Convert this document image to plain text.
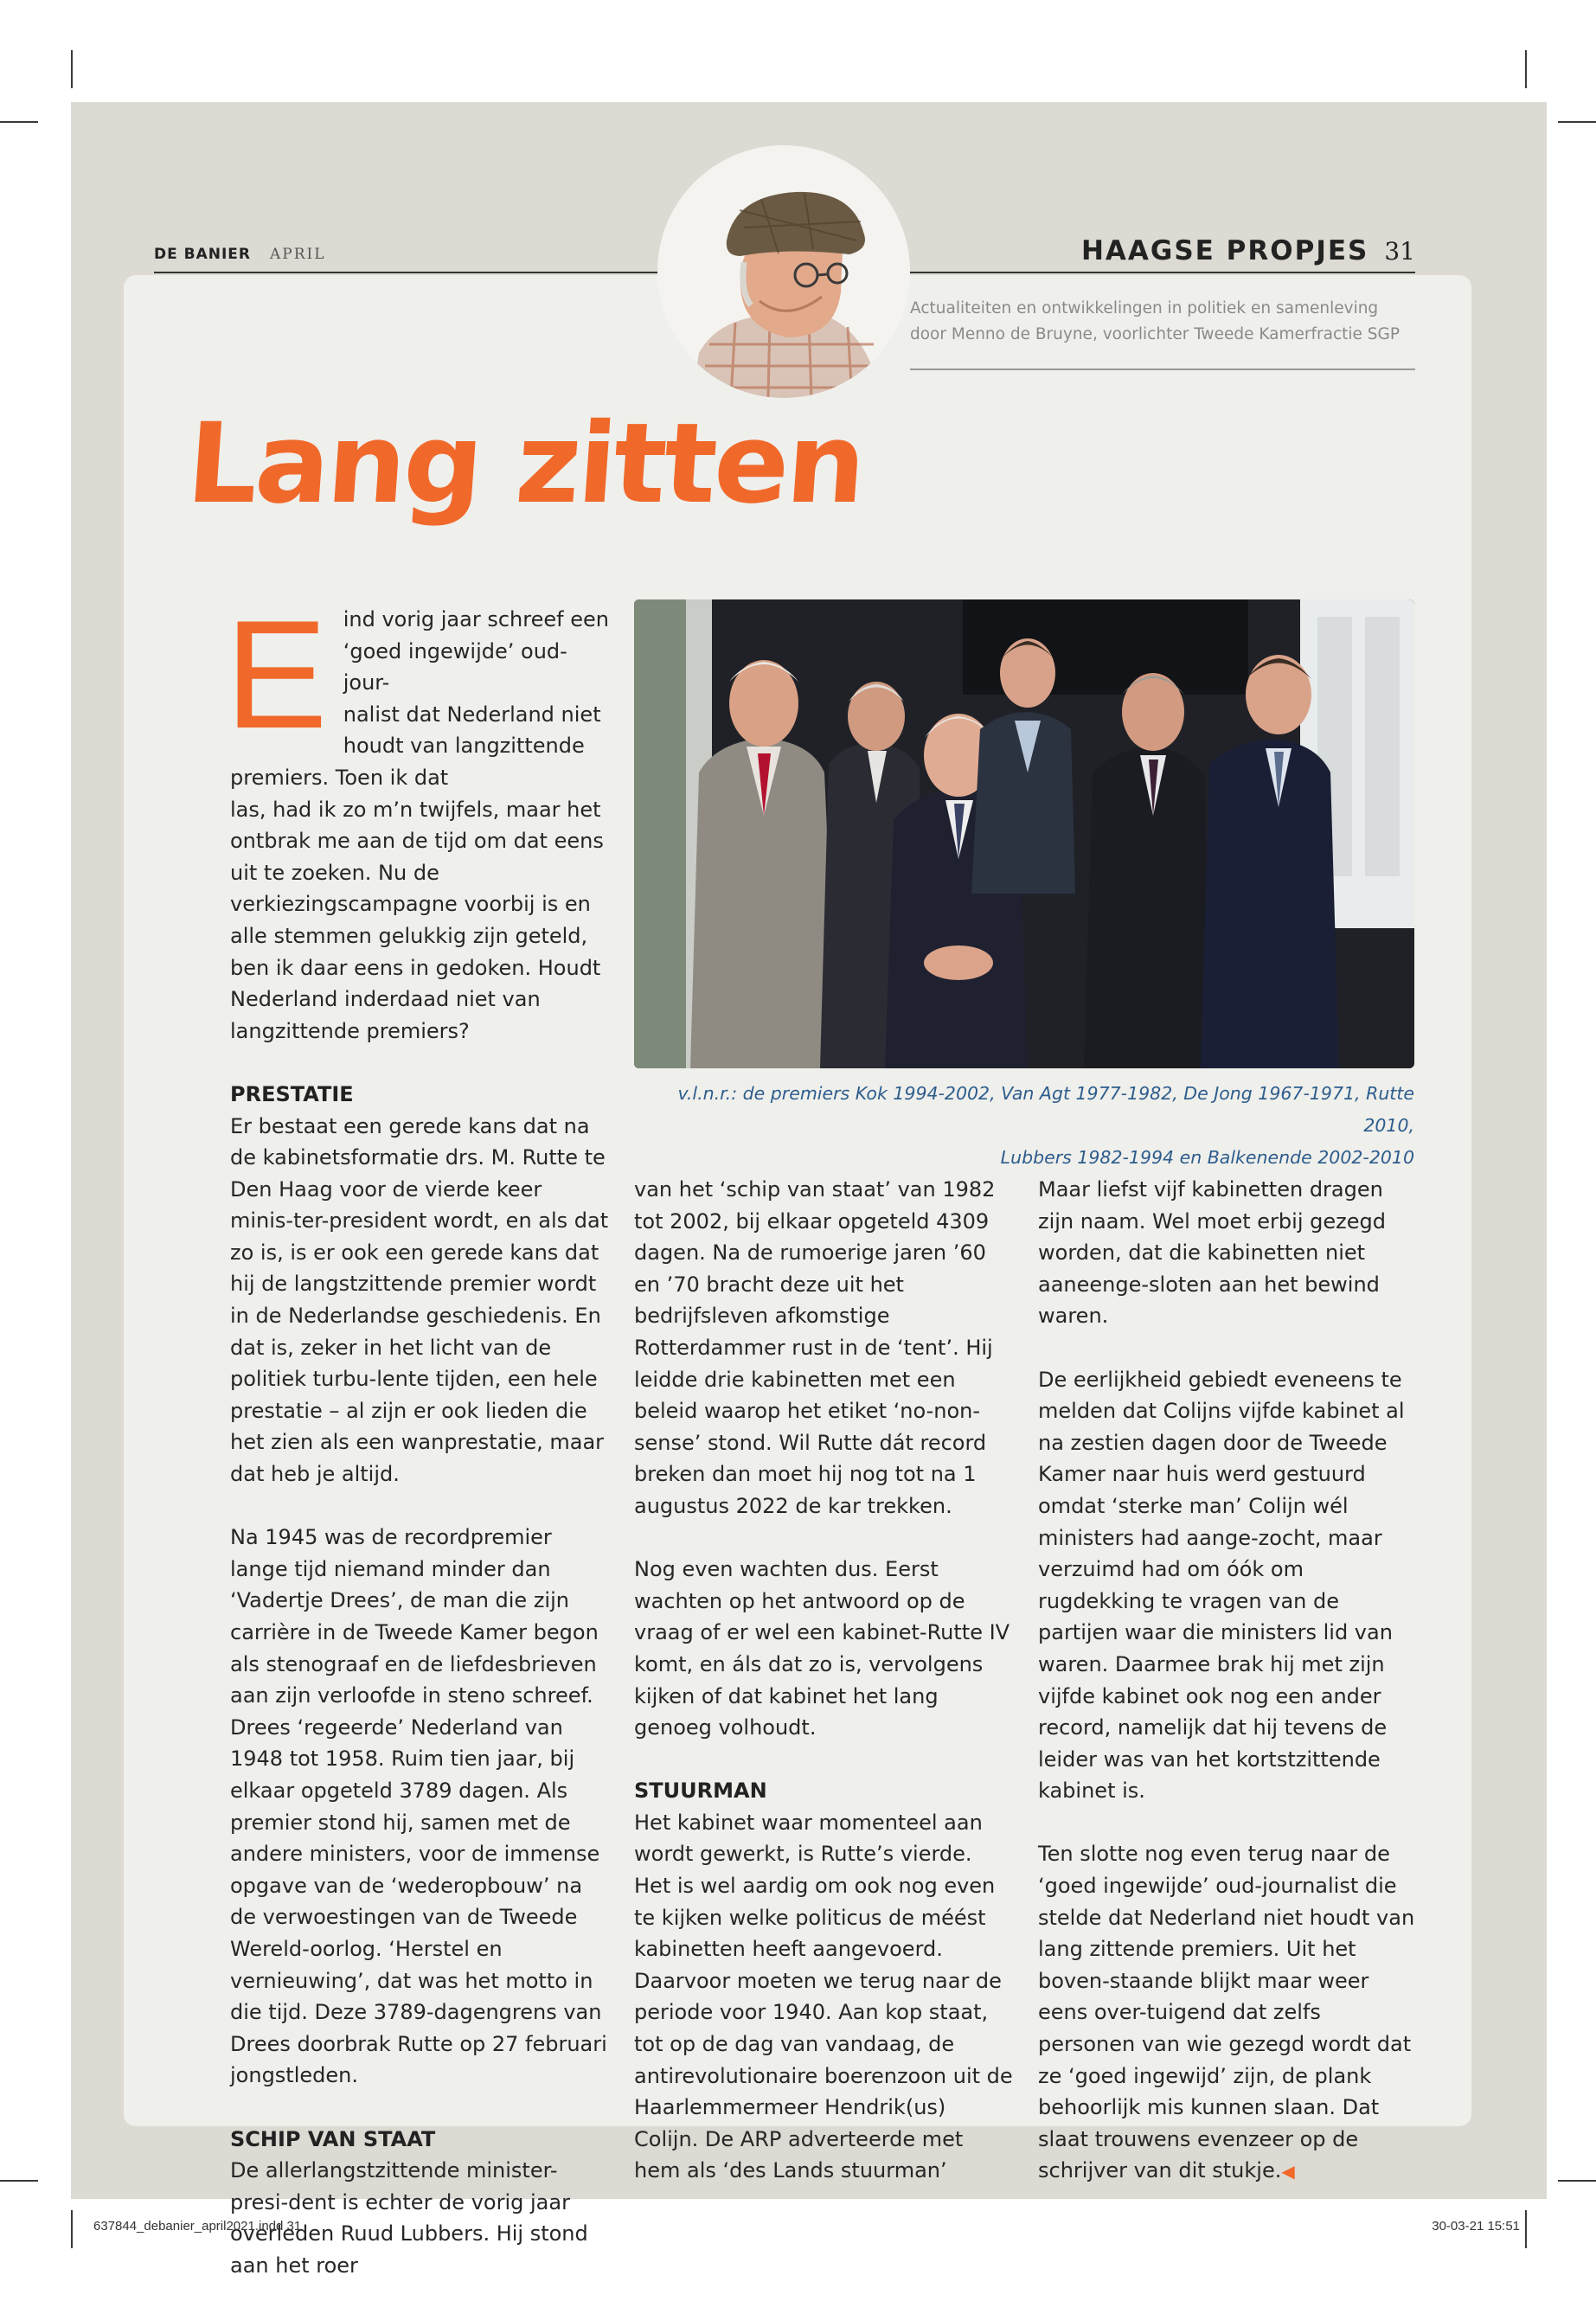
DE BANIER APRIL	HAAGSE PROPJES 31
Actualiteiten en ontwikkelingen in politiek en samenleving
door Menno de Bruyne, voorlichter Tweede Kamerfractie SGP
Lang zitten
v.l.n.r.: de premiers Kok 1994-2002, Van Agt 1977-1982, De Jong 1967-1971, Rutte 2010,
Lubbers 1982-1994 en Balkenende 2002-2010
E ind vorig jaar schreef een

‘goed ingewijde’ oud-jour-

nalist dat Nederland niet

houdt van langzittende

premiers. Toen ik dat

las, had ik zo m’n twijfels, maar het ontbrak me aan de tijd om dat eens uit te zoeken. Nu de verkiezingscampagne voorbij is en alle stemmen gelukkig zijn geteld, ben ik daar eens in gedoken. Houdt Nederland inderdaad niet van langzittende premiers?

PRESTATIE

Er bestaat een gerede kans dat na de kabinetsformatie drs. M. Rutte te Den Haag voor de vierde keer minis-ter-president wordt, en als dat zo is, is er ook een gerede kans dat hij de langstzittende premier wordt in de Nederlandse geschiedenis. En dat is, zeker in het licht van de politiek turbu-lente tijden, een hele prestatie – al zijn er ook lieden die het zien als een wanprestatie, maar dat heb je altijd.

Na 1945 was de recordpremier lange tijd niemand minder dan ‘Vadertje Drees’, de man die zijn carrière in de Tweede Kamer begon als stenograaf en de liefdesbrieven aan zijn verloofde in steno schreef. Drees ‘regeerde’ Nederland van 1948 tot 1958. Ruim tien jaar, bij elkaar opgeteld 3789 dagen. Als premier stond hij, samen met de andere ministers, voor de immense opgave van de ‘wederopbouw’ na de verwoestingen van de Tweede Wereld-oorlog. ‘Herstel en vernieuwing’, dat was het motto in die tijd. Deze 3789-dagengrens van Drees doorbrak Rutte op 27 februari jongstleden.

SCHIP VAN STAAT

De allerlangstzittende minister-presi-dent is echter de vorig jaar overleden Ruud Lubbers. Hij stond aan het roer

van het ‘schip van staat’ van 1982 tot 2002, bij elkaar opgeteld 4309 dagen. Na de rumoerige jaren ’60 en ’70 bracht deze uit het bedrijfsleven afkomstige Rotterdammer rust in de ‘tent’. Hij leidde drie kabinetten met een beleid waarop het etiket ‘no-non-sense’ stond. Wil Rutte dát record breken dan moet hij nog tot na 1 augustus 2022 de kar trekken.

Nog even wachten dus. Eerst wachten op het antwoord op de vraag of er wel een kabinet-Rutte IV komt, en áls dat zo is, vervolgens kijken of dat kabinet het lang genoeg volhoudt.

STUURMAN

Het kabinet waar momenteel aan wordt gewerkt, is Rutte’s vierde. Het is wel aardig om ook nog even te kijken welke politicus de méést kabinetten heeft aangevoerd. Daarvoor moeten we terug naar de periode voor 1940. Aan kop staat, tot op de dag van vandaag, de antirevolutionaire boerenzoon uit de Haarlemmermeer Hendrik(us) Colijn. De ARP adverteerde met hem als ‘des Lands stuurman’

Maar liefst vijf kabinetten dragen zijn naam. Wel moet erbij gezegd worden, dat die kabinetten niet aaneenge-sloten aan het bewind waren.

De eerlijkheid gebiedt eveneens te melden dat Colijns vijfde kabinet al na zestien dagen door de Tweede Kamer naar huis werd gestuurd omdat ‘sterke man’ Colijn wél ministers had aange-zocht, maar verzuimd had om óók om rugdekking te vragen van de partijen waar die ministers lid van waren. Daarmee brak hij met zijn vijfde kabinet ook nog een ander record, namelijk dat hij tevens de leider was van het kortstzittende kabinet is.

Ten slotte nog even terug naar de ‘goed ingewijde’ oud-journalist die stelde dat Nederland niet houdt van lang zittende premiers. Uit het boven-staande blijkt maar weer eens over-tuigend dat zelfs personen van wie gezegd wordt dat ze ‘goed ingewijd’ zijn, de plank behoorlijk mis kunnen slaan. Dat slaat trouwens evenzeer op de schrijver van dit stukje.◀

637844_debanier_april2021.indd 31	30-03-21 15:51
